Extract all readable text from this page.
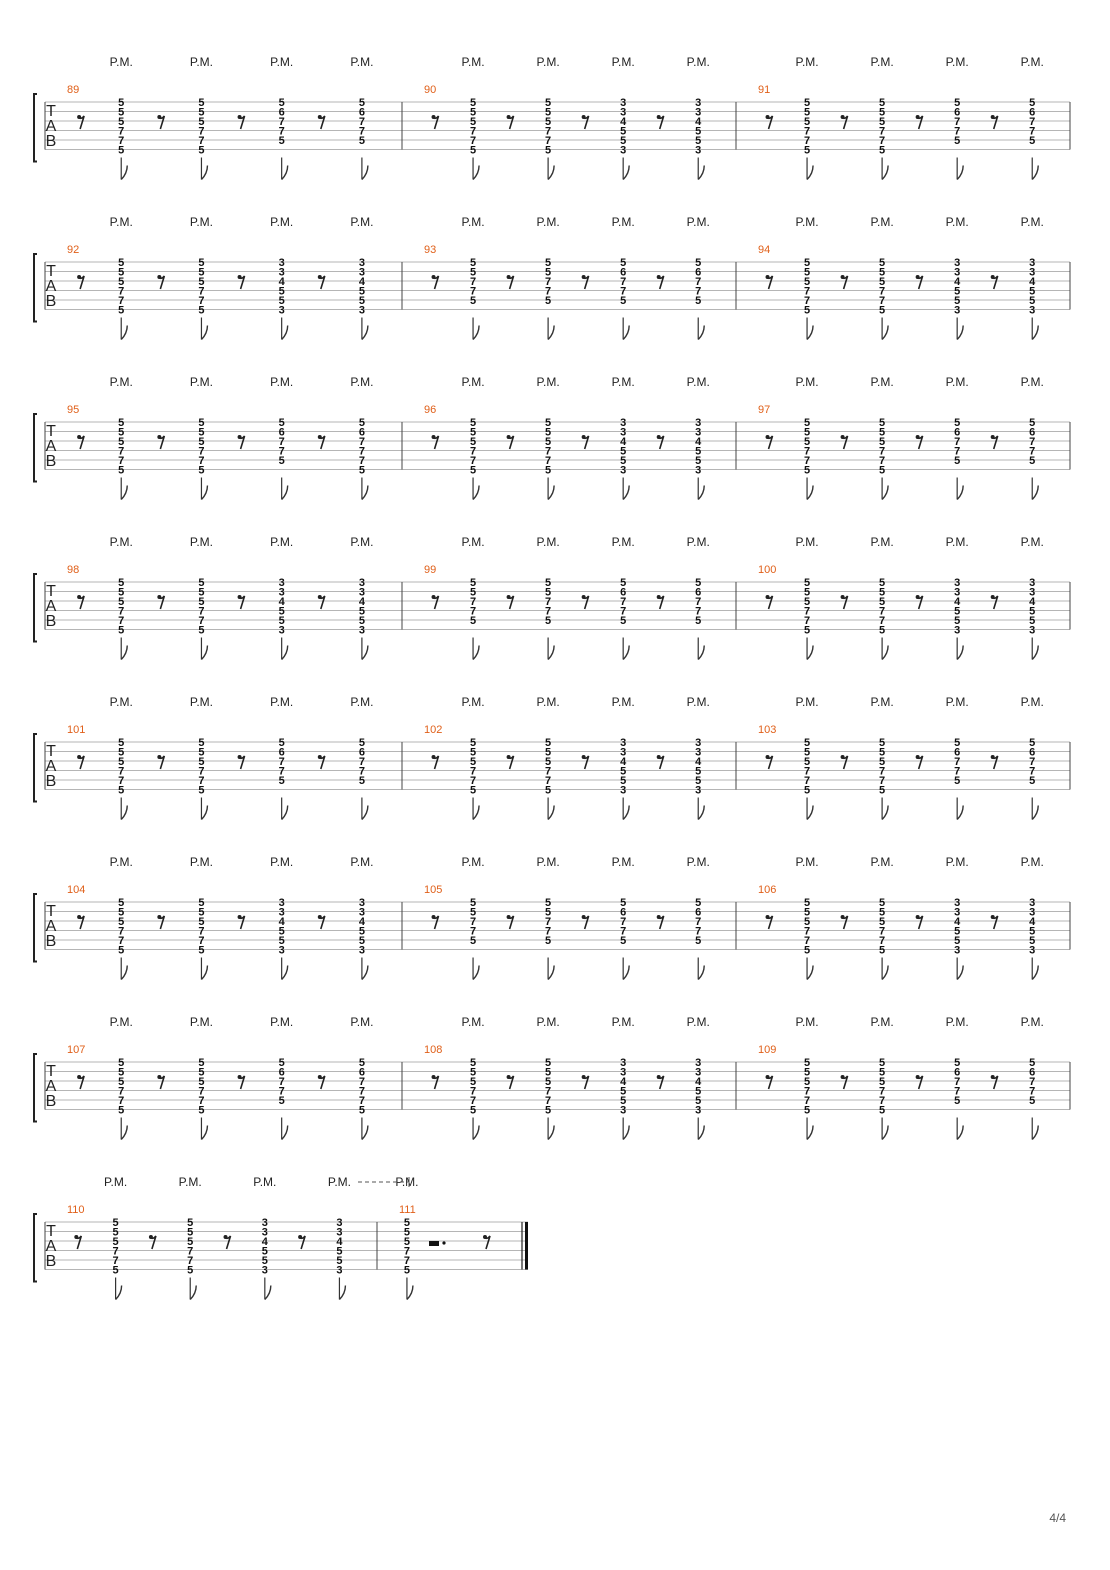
T
A
B
89
P.M.
5
5
5
7
7
5
P.M.
5
5
5
7
7
5
P.M.
5
6
7
7
5
P.M.
5
6
7
7
5
90
P.M.
5
5
5
7
7
5
P.M.
5
5
5
7
7
5
P.M.
3
3
4
5
5
3
P.M.
3
3
4
5
5
3
91
P.M.
5
5
5
7
7
5
P.M.
5
5
5
7
7
5
P.M.
5
6
7
7
5
P.M.
5
6
7
7
5
T
A
B
92
P.M.
5
5
5
7
7
5
P.M.
5
5
5
7
7
5
P.M.
3
3
4
5
5
3
P.M.
3
3
4
5
5
3
93
P.M.
5
5
7
7
5
P.M.
5
5
7
7
5
P.M.
5
6
7
7
5
P.M.
5
6
7
7
5
94
P.M.
5
5
5
7
7
5
P.M.
5
5
5
7
7
5
P.M.
3
3
4
5
5
3
P.M.
3
3
4
5
5
3
T
A
B
95
P.M.
5
5
5
7
7
5
P.M.
5
5
5
7
7
5
P.M.
5
6
7
7
5
P.M.
5
6
7
7
7
5
96
P.M.
5
5
5
7
7
5
P.M.
5
5
5
7
7
5
P.M.
3
3
4
5
5
3
P.M.
3
3
4
5
5
3
97
P.M.
5
5
5
7
7
5
P.M.
5
5
5
7
7
5
P.M.
5
6
7
7
5
P.M.
5
6
7
7
5
T
A
B
98
P.M.
5
5
5
7
7
5
P.M.
5
5
5
7
7
5
P.M.
3
3
4
5
5
3
P.M.
3
3
4
5
5
3
99
P.M.
5
5
7
7
5
P.M.
5
5
7
7
5
P.M.
5
6
7
7
5
P.M.
5
6
7
7
5
100
P.M.
5
5
5
7
7
5
P.M.
5
5
5
7
7
5
P.M.
3
3
4
5
5
3
P.M.
3
3
4
5
5
3
T
A
B
101
P.M.
5
5
5
7
7
5
P.M.
5
5
5
7
7
5
P.M.
5
6
7
7
5
P.M.
5
6
7
7
5
102
P.M.
5
5
5
7
7
5
P.M.
5
5
5
7
7
5
P.M.
3
3
4
5
5
3
P.M.
3
3
4
5
5
3
103
P.M.
5
5
5
7
7
5
P.M.
5
5
5
7
7
5
P.M.
5
6
7
7
5
P.M.
5
6
7
7
5
T
A
B
104
P.M.
5
5
5
7
7
5
P.M.
5
5
5
7
7
5
P.M.
3
3
4
5
5
3
P.M.
3
3
4
5
5
3
105
P.M.
5
5
7
7
5
P.M.
5
5
7
7
5
P.M.
5
6
7
7
5
P.M.
5
6
7
7
5
106
P.M.
5
5
5
7
7
5
P.M.
5
5
5
7
7
5
P.M.
3
3
4
5
5
3
P.M.
3
3
4
5
5
3
T
A
B
107
P.M.
5
5
5
7
7
5
P.M.
5
5
5
7
7
5
P.M.
5
6
7
7
5
P.M.
5
6
7
7
7
5
108
P.M.
5
5
5
7
7
5
P.M.
5
5
5
7
7
5
P.M.
3
3
4
5
5
3
P.M.
3
3
4
5
5
3
109
P.M.
5
5
5
7
7
5
P.M.
5
5
5
7
7
5
P.M.
5
6
7
7
5
P.M.
5
6
7
7
5
T
A
B
110
P.M.
5
5
5
7
7
5
P.M.
5
5
5
7
7
5
P.M.
3
3
4
5
5
3
P.M.
3
3
4
5
5
3
111
P.M.
5
5
5
7
7
5
4/4
